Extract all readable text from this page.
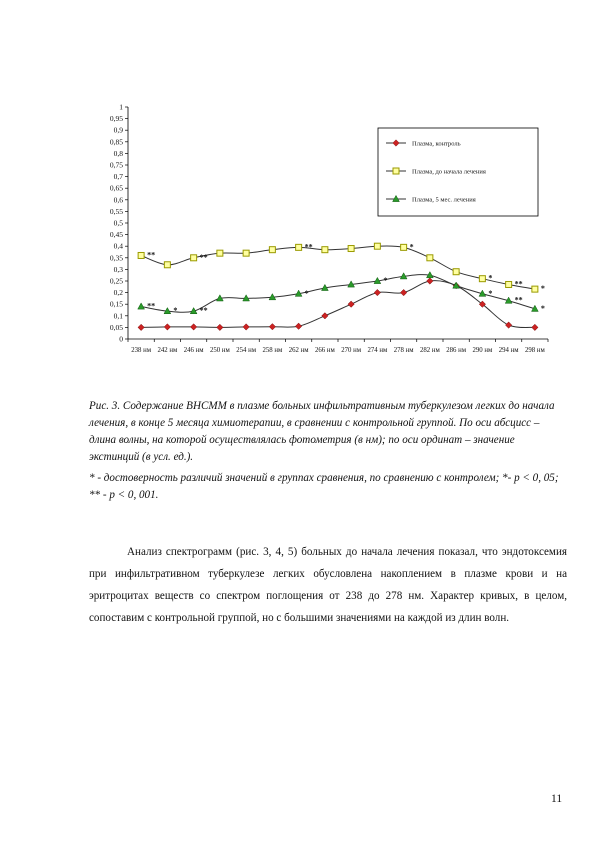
0
0,05
0,1
0,15
0,2
0,25
0,3
0,35
0,4
0,45
0,5
0,55
0,6
0,65
0,7
0,75
0,8
0,85
0,9
0,95
1
238 нм 242 нм 246 нм 250 нм 254 нм 258 нм 262 нм 266 нм 270 нм 274 нм 278 нм 282 нм 286 нм 290 нм 294 нм 298 нм
**	**
**	*
*
**
*
**
*	**
*
*
*
**
*
Плазма, контроль
Плазма, до начала лечения
Плазма, 5 мес. лечения

Рис. 3. Содержание ВНСММ в плазме больных инфильтративным туберкулезом легких до начала лечения, в конце 5 месяца химиотерапии, в сравнении с контрольной группой. По оси абсцисс – длина волны, на которой осуществлялась фотометрия (в нм); по оси ординат – значение экстинций (в усл. ед.).

* - достоверность различий значений в группах сравнения, по сравнению с контролем; *- р < 0, 05; ** - р < 0, 001.

Анализ спектрограмм (рис. 3, 4, 5) больных до начала лечения показал, что эндотоксемия при инфильтративном туберкулезе легких обусловлена накоплением в плазме крови и на эритроцитах веществ со спектром поглощения от 238 до 278 нм. Характер кривых, в целом, сопоставим с контрольной группой, но с большими значениями на каждой из длин волн.

11
